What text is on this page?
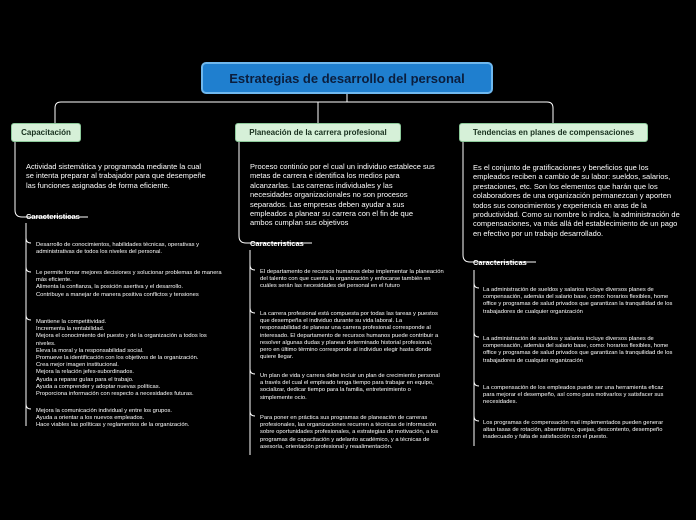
Estrategias de desarrollo del personal
Capacitación
Actividad sistemática y programada mediante la cual se intenta preparar al trabajador para que desempeñe las funciones asignadas de forma eficiente.
Caracteristicas
Desarrollo de conocimientos, habilidades técnicas, operativas y administrativas de todos los niveles del personal.
Le permite tomar mejores decisiones y solucionar problemas de manera más eficiente.
Alimenta la confianza, la posición asertiva y el desarrollo.
Contribuye a manejar de manera positiva conflictos y tensiones
Mantiene la competitividad.
Incrementa la rentabilidad.
Mejora el conocimiento del puesto y de la organización a todos los niveles.
Eleva la moral y la responsabilidad social.
Promueve la identificación con los objetivos de la organización.
Crea mejor imagen institucional.
Mejora la relación jefes-subordinados.
Ayuda a reparar guías para el trabajo.
Ayuda a comprender y adoptar nuevas políticas.
Proporciona información con respecto a necesidades futuras.
Mejora la comunicación individual y entre los grupos.
Ayuda a orientar a los nuevos empleados.
Hace viables las políticas y reglamentos de la organización.
Planeación de la carrera profesional
Proceso continúo por el cual un individuo establece sus metas de carrera e identifica los medios para alcanzarlas. Las carreras individuales y las necesidades organizacionales no son procesos separados. Las empresas deben ayudar a sus empleados a planear su carrera con el fin de que ambos cumplan sus objetivos
Caracteristicas
El departamento de recursos humanos debe implementar la planeación del talento con que cuenta la organización y enfocarse también en cuáles serán las necesidades del personal en el futuro
La carrera profesional está compuesta por todas las tareas y puestos que desempeña el individuo durante su vida laboral. La responsabilidad de planear una carrera profesional corresponde al interesado. El departamento de recursos humanos puede contribuir a resolver algunas dudas y planear determinado historial profesional, pero en último término corresponde al individuo elegir hasta donde quiere llegar.
Un plan de vida y carrera debe incluir un plan de crecimiento personal a través del cual el empleado tenga tiempo para trabajar en equipo, socializar, dedicar tiempo para la familia, entretenimiento o simplemente ocio.
Para poner en práctica sus programas de planeación de carreras profesionales, las organizaciones recurren a técnicas de información sobre oportunidades profesionales, a estrategias de motivación, a los programas de capacitación y adelanto académico, y a técnicas de asesoría, orientación profesional y reaalimentación.
Tendencias en planes de compensaciones
Es el conjunto de gratificaciones y beneficios que los empleados reciben a cambio de su labor: sueldos, salarios, prestaciones, etc. Son los elementos que harán que los colaboradores de una organización permanezcan y aporten todos sus conocimientos y experiencia en aras de la productividad. Como su nombre lo indica, la administración de compensaciones, va más allá del establecimiento de un pago en efectivo por un trabajo desarrollado.
Caracteristicas
La administración de sueldos y salarios incluye diversos planes de compensación, además del salario base, como: horarios flexibles, home office y programas de salud privados que garantizan la tranquilidad de los trabajadores de cualquier organización
La administración de sueldos y salarios incluye diversos planes de compensación, además del salario base, como: horarios flexibles, home office y programas de salud privados que garantizan la tranquilidad de los trabajadores de cualquier organización
La compensación de los empleados puede ser una herramienta eficaz para mejorar el desempeño, así como para motivarlos y satisfacer sus necesidades.
Los programas de compensación mal implementados pueden generar altas tasas de rotación, absentismo, quejas, descontento, desempeño inadecuado y falta de satisfacción con el puesto.
